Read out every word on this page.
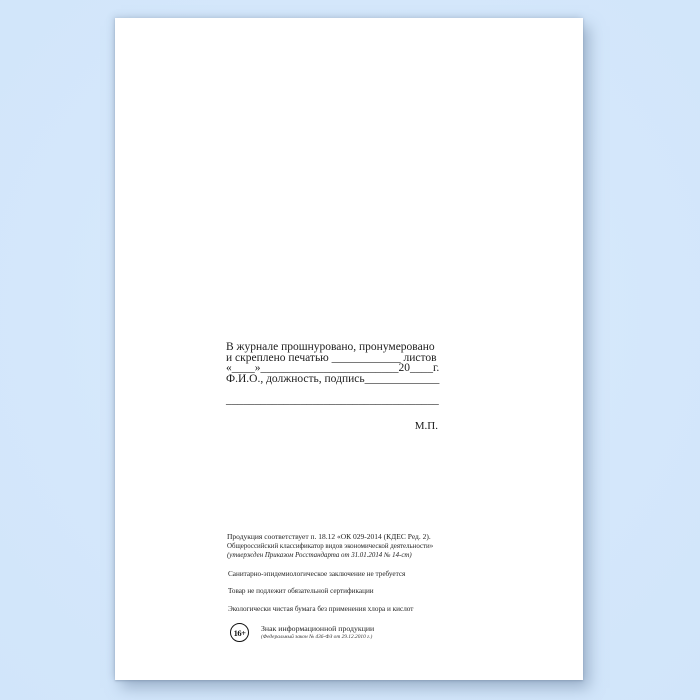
В журнале прошнуровано, пронумеровано

и скреплено печатью ____________ листов

«____»________________________20____г.

Ф.И.О., должность, подпись_____________

_____________________________________

М.П.

Продукция соответствует п. 18.12 «ОК 029-2014 (КДЕС Ред. 2).

Общероссийский классификатор видов экономической деятельности»

(утвержден Приказом Росстандарта от 31.01.2014 № 14-ст)

Санитарно-эпидемиологическое заключение не требуется

Товар не подлежит обязательной сертификации

Экологически чистая бумага без применения хлора и кислот

16+ Знак информационной продукции

(Федеральный закон № 436-ФЗ от 29.12.2010 г.)
